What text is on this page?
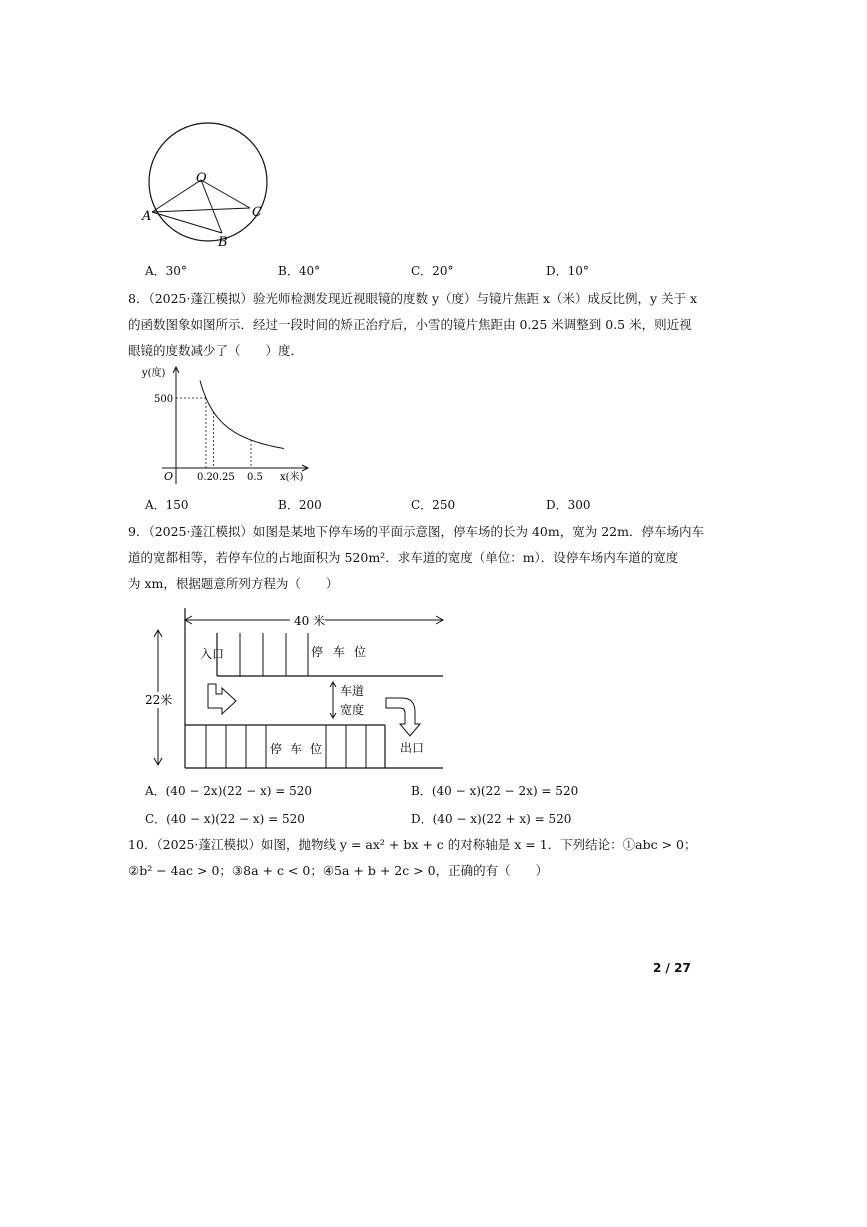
O
A
B
C
A．30°	B．40°	C．20°	D．10°
8．（2025·蓬江模拟）验光师检测发现近视眼镜的度数 y（度）与镜片焦距 x（米）成反比例，y 关于 x
的函数图象如图所示．经过一段时间的矫正治疗后，小雪的镜片焦距由 0.25 米调整到 0.5 米，则近视
眼镜的度数减少了（　　）度．
y(度)
x(米)
O 0.2 0.25 0.5
500
A．150	B．200	C．250	D．300
9．（2025·蓬江模拟）如图是某地下停车场的平面示意图，停车场的长为 40m，宽为 22m．停车场内车
道的宽都相等，若停车位的占地面积为 520m²．求车道的宽度（单位：m）．设停车场内车道的宽度
为 xm，根据题意所列方程为（　　）
40 米
22米
入口	停 车 位
车道
宽度
出口
停 车 位
A．(40 − 2x)(22 − x) = 520	B．(40 − x)(22 − 2x) = 520
C．(40 − x)(22 − x) = 520	D．(40 − x)(22 + x) = 520
10．（2025·蓬江模拟）如图，抛物线 y = ax² + bx + c 的对称轴是 x = 1．下列结论：①abc > 0；
②b² − 4ac > 0；③8a + c < 0；④5a + b + 2c > 0，正确的有（　　）
2 / 27
